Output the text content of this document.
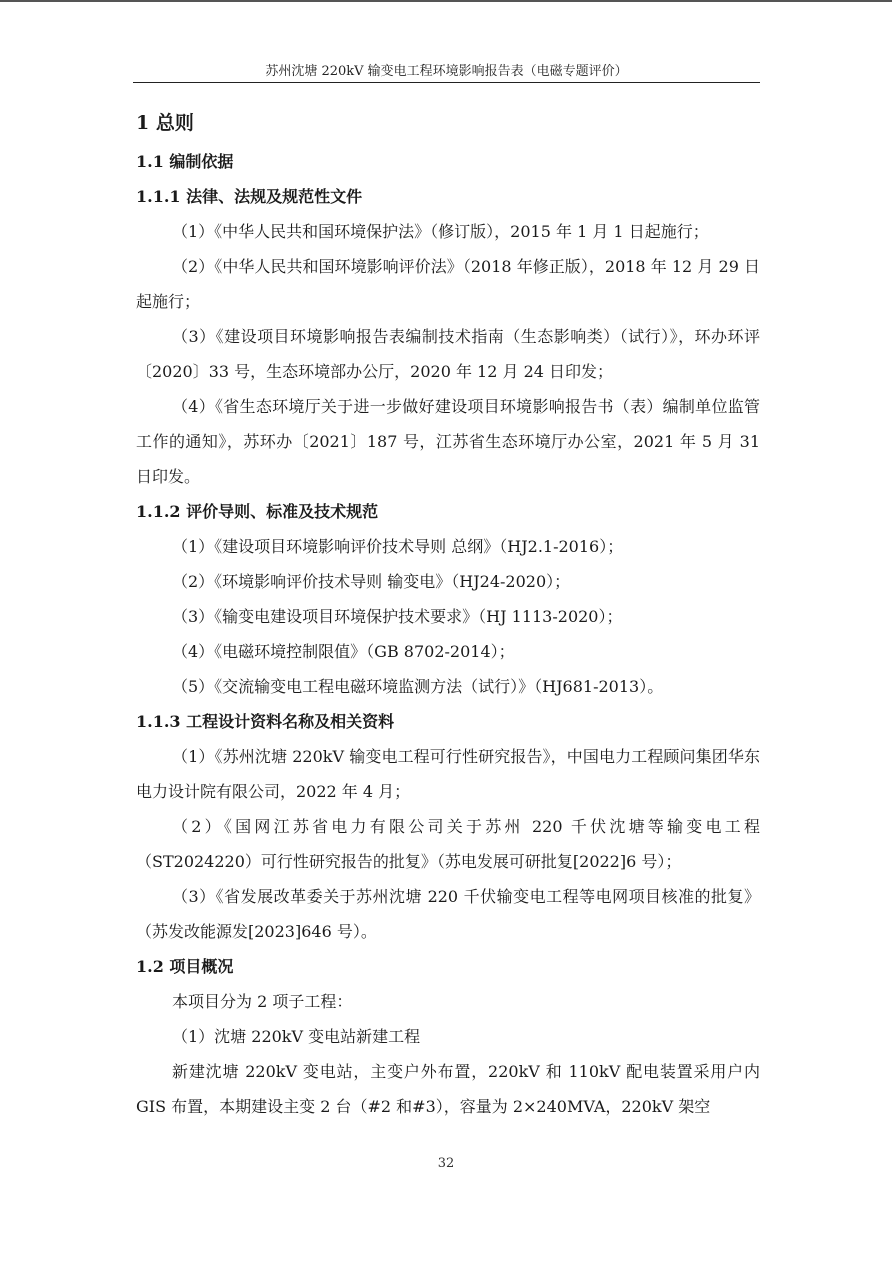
苏州沈塘 220kV 输变电工程环境影响报告表（电磁专题评价）
1 总则
1.1 编制依据
1.1.1 法律、法规及规范性文件

（1）《中华人民共和国环境保护法》（修订版），2015 年 1 月 1 日起施行；

（2）《中华人民共和国环境影响评价法》（2018 年修正版），2018 年 12 月 29 日起施行；

（3）《建设项目环境影响报告表编制技术指南（生态影响类）（试行）》，环办环评〔2020〕33 号，生态环境部办公厅，2020 年 12 月 24 日印发；

（4）《省生态环境厅关于进一步做好建设项目环境影响报告书（表）编制单位监管工作的通知》，苏环办〔2021〕187 号，江苏省生态环境厅办公室，2021 年 5 月 31 日印发。

1.1.2 评价导则、标准及技术规范

（1）《建设项目环境影响评价技术导则 总纲》（HJ2.1-2016）；

（2）《环境影响评价技术导则 输变电》（HJ24-2020）；

（3）《输变电建设项目环境保护技术要求》（HJ 1113-2020）；

（4）《电磁环境控制限值》（GB 8702-2014）；

（5）《交流输变电工程电磁环境监测方法（试行）》（HJ681-2013）。

1.1.3 工程设计资料名称及相关资料

（1）《苏州沈塘 220kV 输变电工程可行性研究报告》，中国电力工程顾问集团华东电力设计院有限公司，2022 年 4 月；

（2）《国网江苏省电力有限公司关于苏州 220 千伏沈塘等输变电工程（ST2024220）可行性研究报告的批复》（苏电发展可研批复[2022]6 号）；

（3）《省发展改革委关于苏州沈塘 220 千伏输变电工程等电网项目核准的批复》（苏发改能源发[2023]646 号）。

1.2 项目概况

本项目分为 2 项子工程：

（1）沈塘 220kV 变电站新建工程

新建沈塘 220kV 变电站，主变户外布置，220kV 和 110kV 配电装置采用户内 GIS 布置，本期建设主变 2 台（#2 和#3），容量为 2×240MVA，220kV 架空

32
